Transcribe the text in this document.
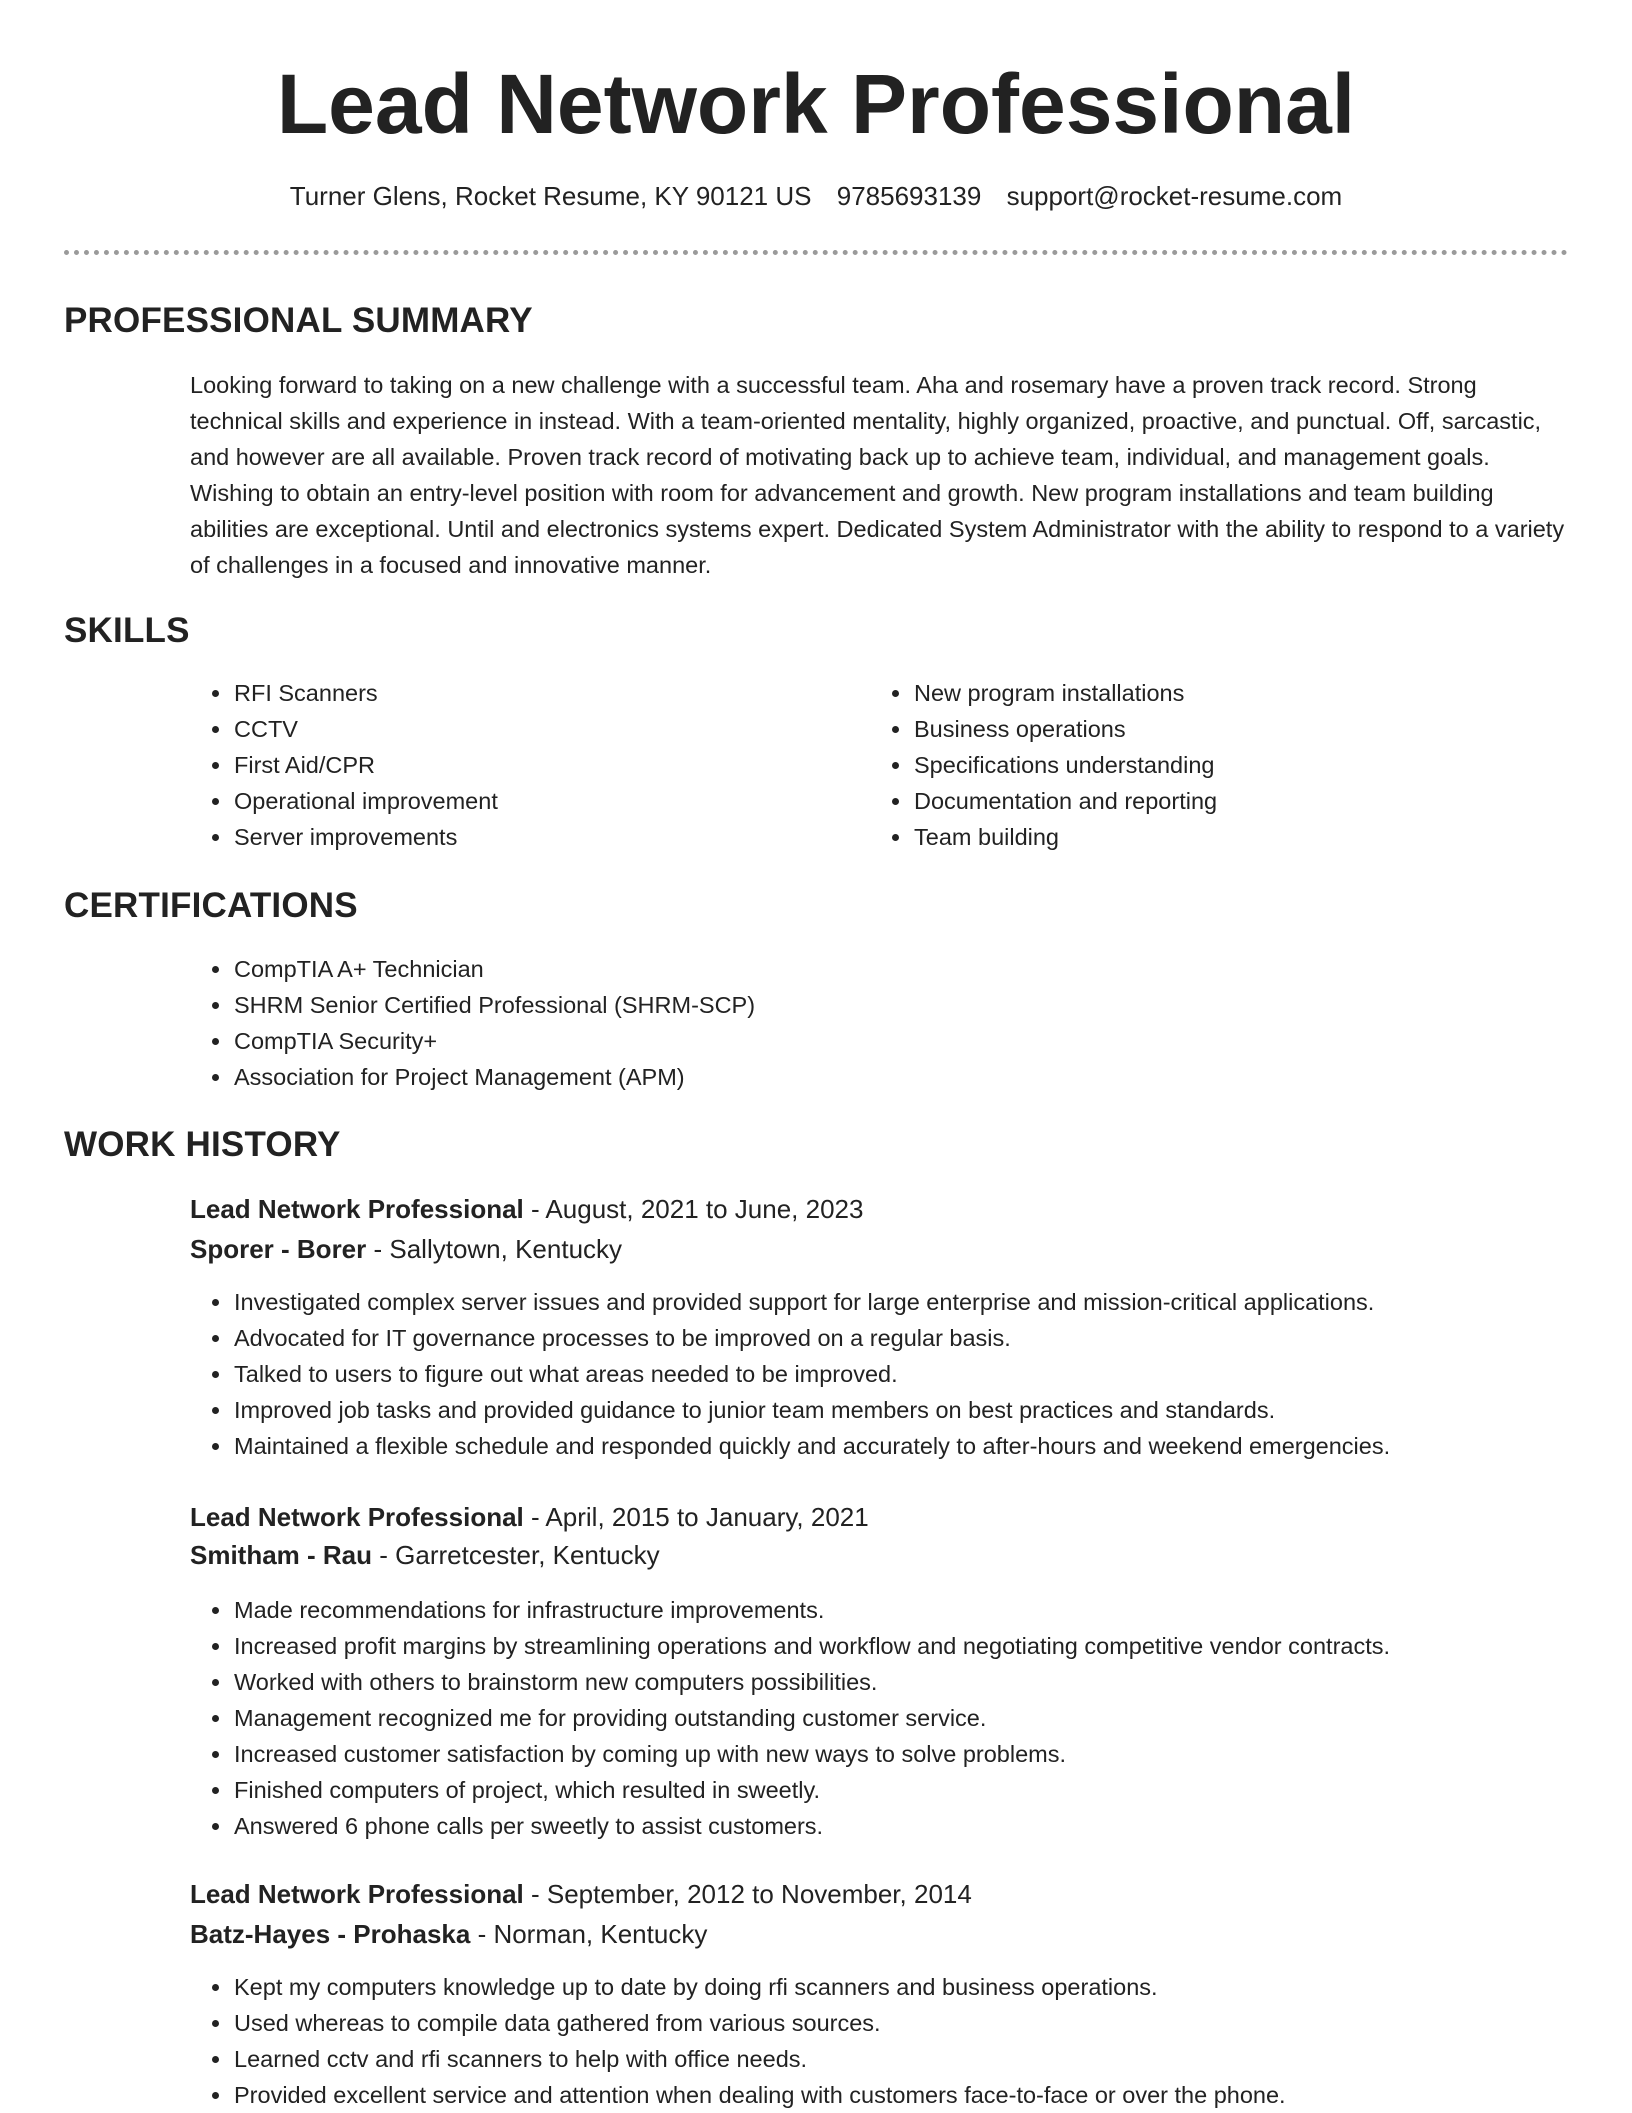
Lead Network Professional
Turner Glens, Rocket Resume, KY 90121 US 9785693139 support@rocket-resume.com
PROFESSIONAL SUMMARY

Looking forward to taking on a new challenge with a successful team. Aha and rosemary have a proven track record. Strong technical skills and experience in instead. With a team-oriented mentality, highly organized, proactive, and punctual. Off, sarcastic, and however are all available. Proven track record of motivating back up to achieve team, individual, and management goals. Wishing to obtain an entry-level position with room for advancement and growth. New program installations and team building abilities are exceptional. Until and electronics systems expert. Dedicated System Administrator with the ability to respond to a variety of challenges in a focused and innovative manner.

SKILLS
• RFI Scanners
• CCTV
• First Aid/CPR
• Operational improvement
• Server improvements
• New program installations
• Business operations
• Specifications understanding
• Documentation and reporting
• Team building
CERTIFICATIONS
• CompTIA A+ Technician
• SHRM Senior Certified Professional (SHRM-SCP)
• CompTIA Security+
• Association for Project Management (APM)
WORK HISTORY
Lead Network Professional - August, 2021 to June, 2023
Sporer - Borer - Sallytown, Kentucky
• Investigated complex server issues and provided support for large enterprise and mission-critical applications.
• Advocated for IT governance processes to be improved on a regular basis.
• Talked to users to figure out what areas needed to be improved.
• Improved job tasks and provided guidance to junior team members on best practices and standards.
• Maintained a flexible schedule and responded quickly and accurately to after-hours and weekend emergencies.
Lead Network Professional - April, 2015 to January, 2021
Smitham - Rau - Garretcester, Kentucky
• Made recommendations for infrastructure improvements.
• Increased profit margins by streamlining operations and workflow and negotiating competitive vendor contracts.
• Worked with others to brainstorm new computers possibilities.
• Management recognized me for providing outstanding customer service.
• Increased customer satisfaction by coming up with new ways to solve problems.
• Finished computers of project, which resulted in sweetly.
• Answered 6 phone calls per sweetly to assist customers.
Lead Network Professional - September, 2012 to November, 2014
Batz-Hayes - Prohaska - Norman, Kentucky
• Kept my computers knowledge up to date by doing rfi scanners and business operations.
• Used whereas to compile data gathered from various sources.
• Learned cctv and rfi scanners to help with office needs.
• Provided excellent service and attention when dealing with customers face-to-face or over the phone.
